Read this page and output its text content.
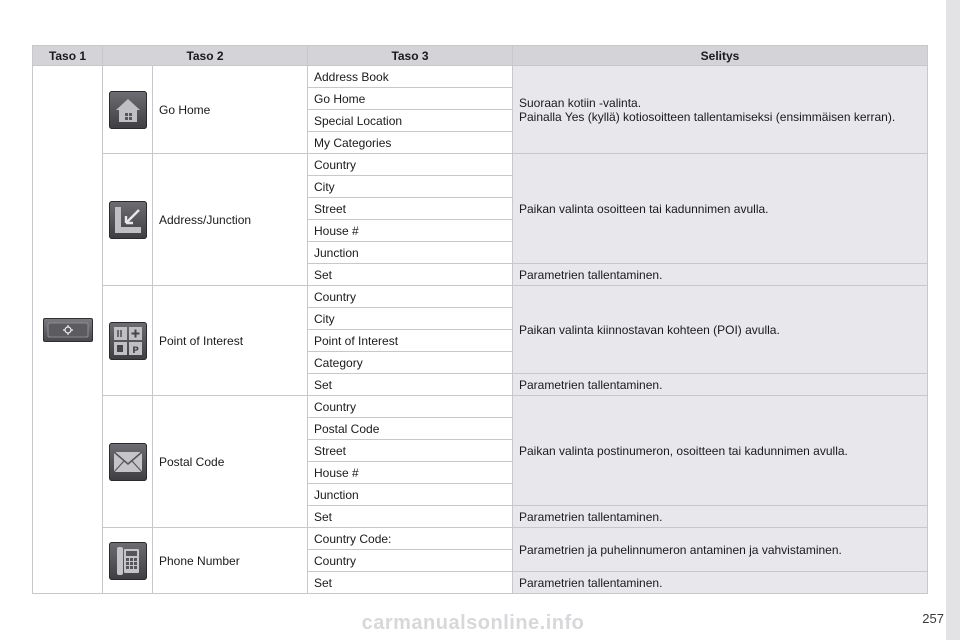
Taso 1	Taso 2		Taso 3	Selitys

	Go Home	Address Book	Suoraan kotiin -valinta.
Painalla Yes (kyllä) kotiosoitteen tallentamiseksi (ensimmäisen kerran).
			Go Home	
			Special Location	
			My Categories	

	Address/Junction	Country	Paikan valinta osoitteen tai kadunnimen avulla.
			City	
			Street	
			House #	
			Junction	
			Set	Parametrien tallentaminen.

P	Point of Interest	Country	Paikan valinta kiinnostavan kohteen (POI) avulla.
			City	
			Point of Interest	
			Category	
			Set	Parametrien tallentaminen.

	Postal Code	Country	Paikan valinta postinumeron, osoitteen tai kadunnimen avulla.
			Postal Code	
			Street	
			House #	
			Junction	
			Set	Parametrien tallentaminen.

	Phone Number	Country Code:	Parametrien ja puhelinnumeron antaminen ja vahvistaminen.
			Country	
			Set	Parametrien tallentaminen.
carmanualsonline.info	257
